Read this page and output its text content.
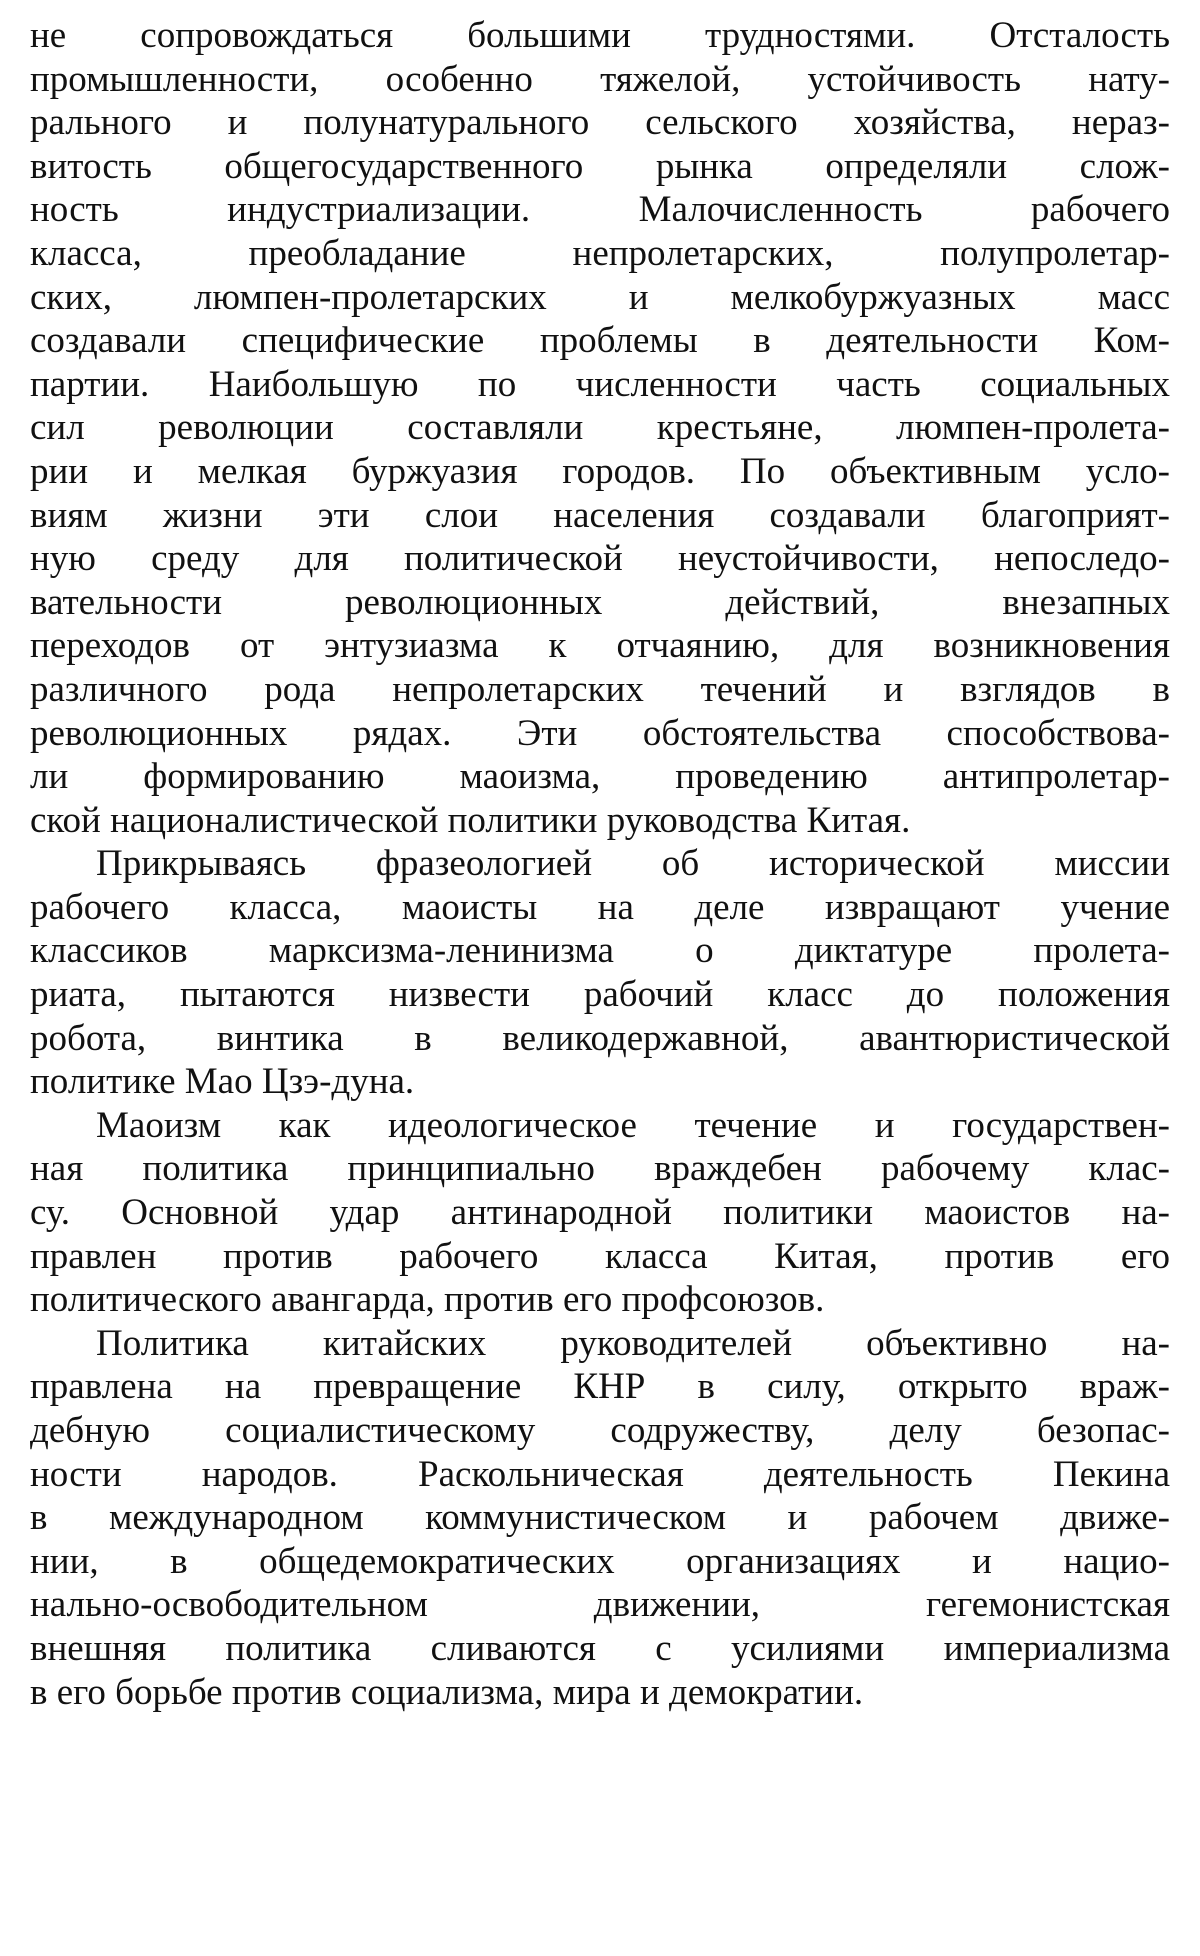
не сопровождаться большими трудностями. Отсталость
промышленности, особенно тяжелой, устойчивость нату-
рального и полунатурального сельского хозяйства, нераз-
витость общегосударственного рынка определяли слож-
ность индустриализации. Малочисленность рабочего
класса, преобладание непролетарских, полупролетар-
ских, люмпен-пролетарских и мелкобуржуазных масс
создавали специфические проблемы в деятельности Ком-
партии. Наибольшую по численности часть социальных
сил революции составляли крестьяне, люмпен-пролета-
рии и мелкая буржуазия городов. По объективным усло-
виям жизни эти слои населения создавали благоприят-
ную среду для политической неустойчивости, непоследо-
вательности революционных действий, внезапных
переходов от энтузиазма к отчаянию, для возникновения
различного рода непролетарских течений и взглядов в
революционных рядах. Эти обстоятельства способствова-
ли формированию маоизма, проведению антипролетар-
ской националистической политики руководства Китая.
Прикрываясь фразеологией об исторической миссии
рабочего класса, маоисты на деле извращают учение
классиков марксизма-ленинизма о диктатуре пролета-
риата, пытаются низвести рабочий класс до положения
робота, винтика в великодержавной, авантюристической
политике Мао Цзэ-дуна.
Маоизм как идеологическое течение и государствен-
ная политика принципиально враждебен рабочему клас-
су. Основной удар антинародной политики маоистов на-
правлен против рабочего класса Китая, против его
политического авангарда, против его профсоюзов.
Политика китайских руководителей объективно на-
правлена на превращение КНР в силу, открыто враж-
дебную социалистическому содружеству, делу безопас-
ности народов. Раскольническая деятельность Пекина
в международном коммунистическом и рабочем движе-
нии, в общедемократических организациях и нацио-
нально-освободительном движении, гегемонистская
внешняя политика сливаются с усилиями империализма
в его борьбе против социализма, мира и демократии.
